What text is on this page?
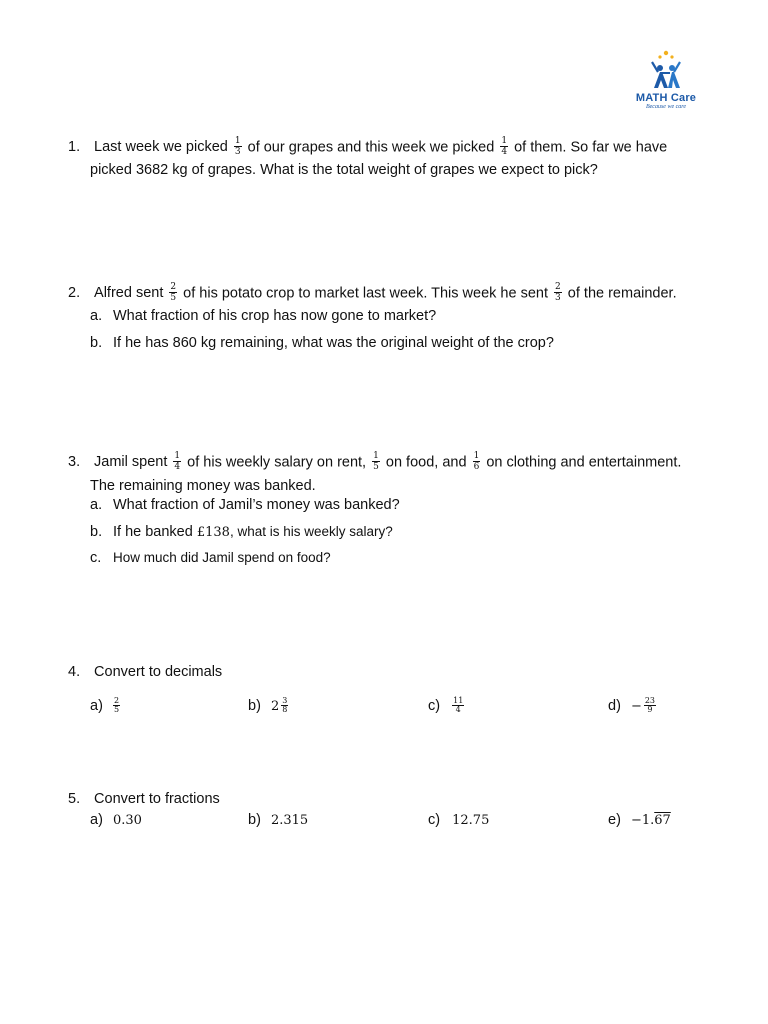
MATH Care
Because we care
1. Last week we picked $\frac{1}{3}$ of our grapes and this week we picked $\frac{1}{4}$ of them. So far we have
picked 3682 kg of grapes. What is the total weight of grapes we expect to pick?
2. Alfred sent $\frac{2}{5}$ of his potato crop to market last week. This week he sent $\frac{2}{3}$ of the remainder.
a. What fraction of his crop has now gone to market?
b. If he has 860 kg remaining, what was the original weight of the crop?
3. Jamil spent $\frac{1}{4}$ of his weekly salary on rent, $\frac{1}{5}$ on food, and $\frac{1}{6}$ on clothing and entertainment.
The remaining money was banked.
a. What fraction of Jamil’s money was banked?
b. If he banked £138, what is his weekly salary?
c. How much did Jamil spend on food?
4. Convert to decimals
$a) \frac{2}{5}$	b) $2 \frac{3}{8}$	$c) \frac{11}{4}$	$d) - \frac{23}{9}$
5. Convert to fractions
a) 0.30	b) 2.315	c) 12.75	e) −1.67
